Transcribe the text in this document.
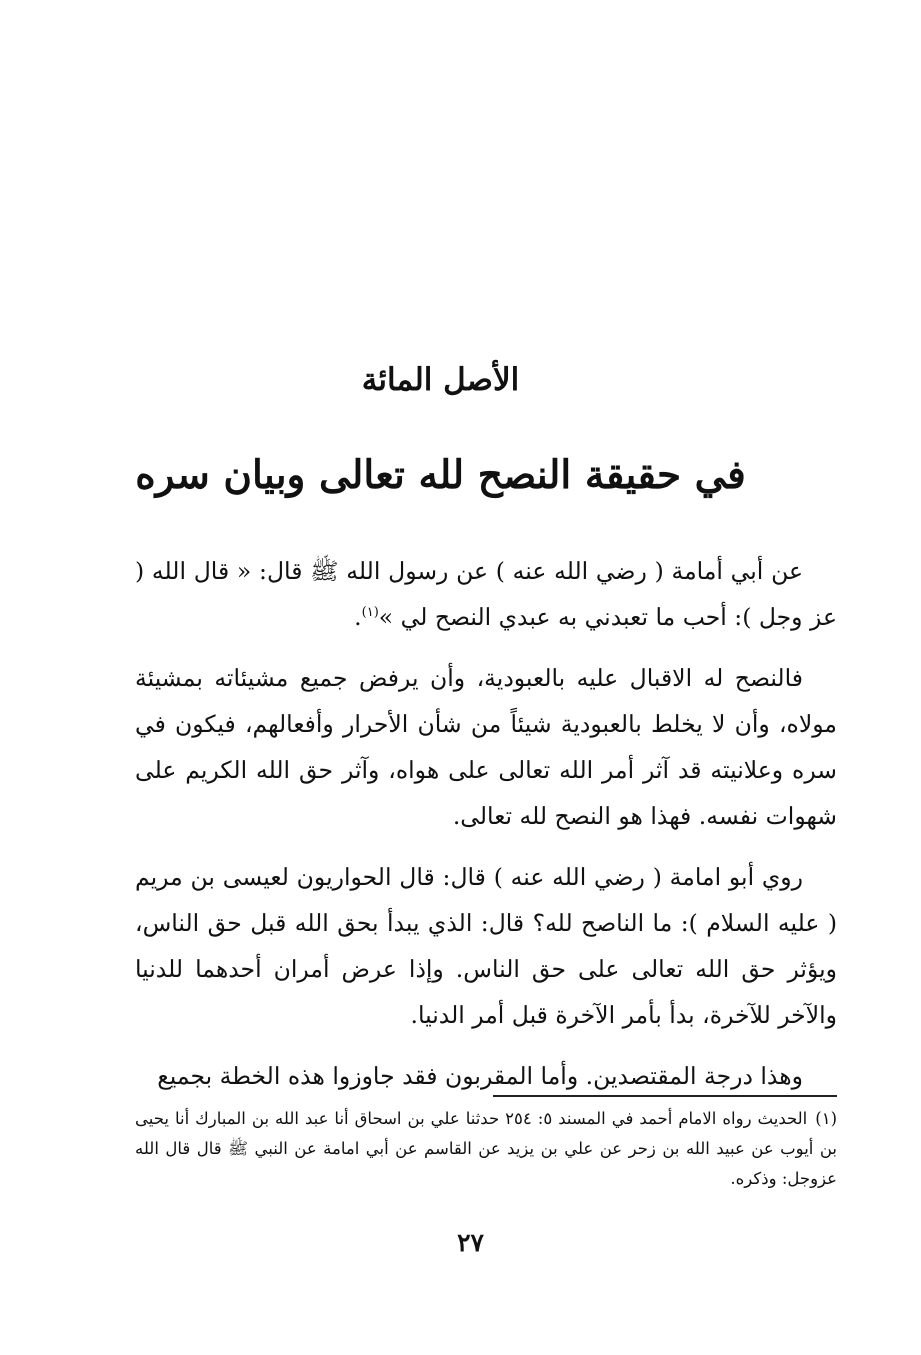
الأصل المائة
في حقيقة النصح لله تعالى وبيان سره

عن أبي أمامة ( رضي الله عنه ) عن رسول الله ﷺ قال: « قال الله ( عز وجل ): أحب ما تعبدني به عبدي النصح لي »$^{(١)}$.

فالنصح له الاقبال عليه بالعبودية، وأن يرفض جميع مشيئاته بمشيئة مولاه، وأن لا يخلط بالعبودية شيئاً من شأن الأحرار وأفعالهم، فيكون في سره وعلانيته قد آثر أمر الله تعالى على هواه، وآثر حق الله الكريم على شهوات نفسه. فهذا هو النصح لله تعالى.

روي أبو امامة ( رضي الله عنه ) قال: قال الحواريون لعيسى بن مريم ( عليه السلام ): ما الناصح لله؟ قال: الذي يبدأ بحق الله قبل حق الناس، ويؤثر حق الله تعالى على حق الناس. وإذا عرض أمران أحدهما للدنيا والآخر للآخرة، بدأ بأمر الآخرة قبل أمر الدنيا.

وهذا درجة المقتصدين. وأما المقربون فقد جاوزوا هذه الخطة بجميع

(١)الحديث رواه الامام أحمد في المسند ٥: ٢٥٤ حدثنا علي بن اسحاق أنا عبد الله بن المبارك أنا يحيى بن أيوب عن عبيد الله بن زحر عن علي بن يزيد عن القاسم عن أبي امامة عن النبي ﷺ قال قال الله عزوجل: وذكره.

٢٧
